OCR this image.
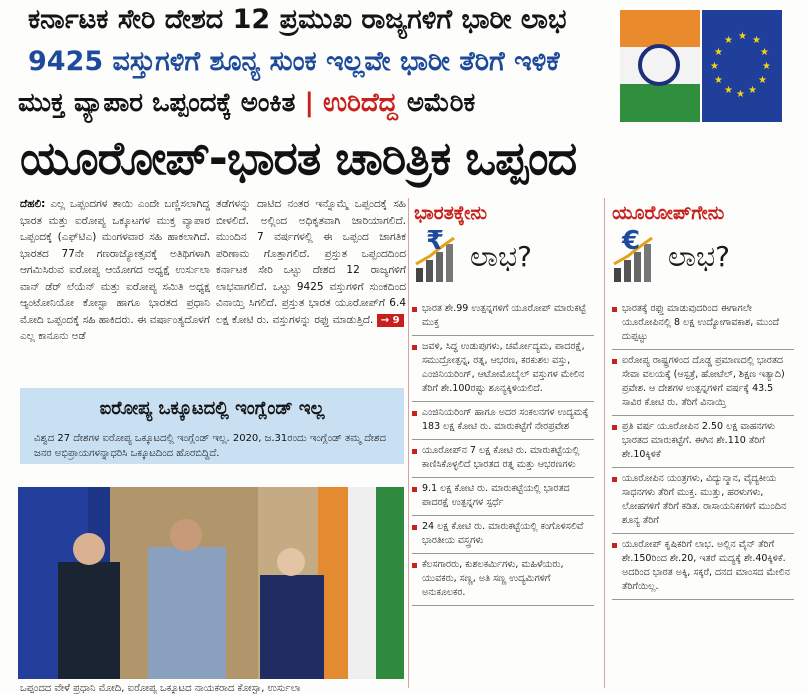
ಕರ್ನಾಟಕ ಸೇರಿ ದೇಶದ 12 ಪ್ರಮುಖ ರಾಜ್ಯಗಳಿಗೆ ಭಾರೀ ಲಾಭ
9425 ವಸ್ತುಗಳಿಗೆ ಶೂನ್ಯ ಸುಂಕ ಇಲ್ಲವೇ ಭಾರೀ ತೆರಿಗೆ ಇಳಿಕೆ
ಮುಕ್ತ ವ್ಯಾಪಾರ ಒಪ್ಪಂದಕ್ಕೆ ಅಂಕಿತ | ಉರಿದೆದ್ದ ಅಮೆರಿಕ
ಯೂರೋಪ್-ಭಾರತ ಚಾರಿತ್ರಿಕ ಒಪ್ಪಂದ
★ ★
★
★
★
★
★
★
★
★
★
★
ದೆಹಲಿ: ಎಲ್ಲ ಒಪ್ಪಂದಗಳ ತಾಯಿ ಎಂದೇ ಬಣ್ಣಿಸಲಾಗಿದ್ದ ಭಾರತ ಮತ್ತು ಐರೋಪ್ಯ ಒಕ್ಕೂಟಗಳ ಮುಕ್ತ ವ್ಯಾಪಾರ ಒಪ್ಪಂದಕ್ಕೆ (ಎಫ್‌ಟಿಎ) ಮಂಗಳವಾರ ಸಹಿ ಹಾಕಲಾಗಿದೆ. ಭಾರತದ 77ನೇ ಗಣರಾಜ್ಯೋತ್ಸವಕ್ಕೆ ಅತಿಥಿಗಳಾಗಿ ಆಗಮಿಸಿರುವ ಐರೋಪ್ಯ ಆಯೋಗದ ಅಧ್ಯಕ್ಷೆ ಉರ್ಸುಲಾ ವಾನ್ ಡೆರ್ ಲೆಯೆನ್ ಮತ್ತು ಐರೋಪ್ಯ ಸಮಿತಿ ಅಧ್ಯಕ್ಷ ಆ್ಯಂಟೋನಿಯೋ ಕೋಸ್ಟಾ ಹಾಗೂ ಭಾರತದ ಪ್ರಧಾನಿ ಮೋದಿ ಒಪ್ಪಂದಕ್ಕೆ ಸಹಿ ಹಾಕಿದರು. ಈ ವರ್ಷಾಂತ್ಯದೊಳಗೆ ಎಲ್ಲ ಕಾನೂನು ಅಡೆ
ತಡೆಗಳನ್ನು ದಾಟಿದ ನಂತರ ಇನ್ನೊಮ್ಮೆ ಒಪ್ಪಂದಕ್ಕೆ ಸಹಿ ಬೀಳಲಿದೆ. ಅಲ್ಲಿಂದ ಅಧಿಕೃತವಾಗಿ ಜಾರಿಯಾಗಲಿದೆ. ಮುಂದಿನ 7 ವರ್ಷಗಳಲ್ಲಿ ಈ ಒಪ್ಪಂದ ಜಾಗತಿಕ ಪರಿಣಾಮ ಗೊತ್ತಾಗಲಿದೆ. ಪ್ರಸ್ತುತ ಒಪ್ಪಂದದಿಂದ ಕರ್ನಾಟಕ ಸೇರಿ ಒಟ್ಟು ದೇಶದ 12 ರಾಜ್ಯಗಳಿಗೆ ಲಾಭವಾಗಲಿದೆ. ಒಟ್ಟು 9425 ವಸ್ತುಗಳಿಗೆ ಸುಂಕದಿಂದ ವಿನಾಯ್ತಿ ಸಿಗಲಿದೆ. ಪ್ರಸ್ತುತ ಭಾರತ ಯೂರೋಪ್‌ಗೆ 6.4 ಲಕ್ಷ ಕೋಟಿ ರು. ವಸ್ತುಗಳನ್ನು ರಫ್ತು ಮಾಡುತ್ತಿದೆ. → 9
ಐರೋಪ್ಯ ಒಕ್ಕೂಟದಲ್ಲಿ ಇಂಗ್ಲೆಂಡ್ ಇಲ್ಲ
ವಿಶ್ವದ 27 ದೇಶಗಳ ಐರೋಪ್ಯ ಒಕ್ಕೂಟದಲ್ಲಿ ಇಂಗ್ಲೆಂಡ್ ಇಲ್ಲ. 2020, ಜ.31ರಂದು ಇಂಗ್ಲೆಂಡ್ ತಮ್ಮ ದೇಶದ ಜನರ ಅಭಿಪ್ರಾಯಗಳನ್ನಾಧರಿಸಿ ಒಕ್ಕೂಟದಿಂದ ಹೊರಬಿದ್ದಿದೆ.
ಒಪ್ಪಂದದ ವೇಳೆ ಪ್ರಧಾನಿ ಮೋದಿ, ಐರೋಪ್ಯ ಒಕ್ಕೂಟದ ನಾಯಕರಾದ ಕೋಸ್ಟಾ, ಉರ್ಸುಲಾ
ಭಾರತಕ್ಕೇನು
₹ ಲಾಭ?
ಭಾರತ ಶೇ.99 ಉತ್ಪನ್ನಗಳಿಗೆ ಯೂರೋಪ್ ಮಾರುಕಟ್ಟೆ ಮುಕ್ತ
ಜವಳಿ, ಸಿದ್ಧ ಉಡುಪುಗಳು, ಚರ್ಮೋದ್ಯಮ, ಪಾದರಕ್ಷೆ, ಸಮುದ್ರೋತ್ಪನ್ನ, ರತ್ನ, ಆಭರಣ, ಕರಕುಶಲ ವಸ್ತು, ಎಂಜಿನಿಯರಿಂಗ್, ಆಟೋಮೊಬೈಲ್ ವಸ್ತುಗಳ ಮೇಲಿನ ತೆರಿಗೆ ಶೇ.100ರಷ್ಟು ಶೂನ್ಯಕ್ಕಿಳಿಯಲಿದೆ.
ಎಂಜಿನಿಯರಿಂಗ್ ಹಾಗೂ ಅದರ ಸಂಕಲನಗಳ ಉದ್ಯಮಕ್ಕೆ 183 ಲಕ್ಷ ಕೋಟಿ ರು. ಮಾರುಕಟ್ಟೆಗೆ ನೇರಪ್ರವೇಶ
ಯೂರೋಪ್‌ನ 7 ಲಕ್ಷ ಕೋಟಿ ರು. ಮಾರುಕಟ್ಟೆಯಲ್ಲಿ ಕಾಣಿಸಿಕೊಳ್ಳಲಿದೆ ಭಾರತದ ರತ್ನ ಮತ್ತು ಆಭರಣಗಳು
9.1 ಲಕ್ಷ ಕೋಟಿ ರು. ಮಾರುಕಟ್ಟೆಯಲ್ಲಿ ಭಾರತದ ಪಾದರಕ್ಷೆ ಉತ್ಪನ್ನಗಳ ಸ್ಪರ್ಧೆ
24 ಲಕ್ಷ ಕೋಟಿ ರು. ಮಾರುಕಟ್ಟೆಯಲ್ಲಿ ಕಂಗೊಳಿಸಲಿವೆ ಭಾರತೀಯ ವಸ್ತ್ರಗಳು
ಕೆಲಸಗಾರರು, ಕುಶಲಕರ್ಮಿಗಳು, ಮಹಿಳೆಯರು, ಯುವಕರು, ಸಣ್ಣ, ಅತಿ ಸಣ್ಣ ಉದ್ಯಮಿಗಳಿಗೆ ಅನುಕೂಲಕರ.
ಯೂರೋಪ್‌ಗೇನು
€ ಲಾಭ?
ಭಾರತಕ್ಕೆ ರಫ್ತು ಮಾಡುವುದರಿಂದ ಈಗಾಗಲೇ ಯೂರೋಪಿನಲ್ಲಿ 8 ಲಕ್ಷ ಉದ್ಯೋಗಾವಕಾಶ, ಮುಂದೆ ದುಪ್ಪಟ್ಟು
ಐರೋಪ್ಯ ರಾಷ್ಟ್ರಗಳಿಂದ ದೊಡ್ಡ ಪ್ರಮಾಣದಲ್ಲಿ ಭಾರತದ ಸೇವಾ ವಲಯಕ್ಕೆ (ಆಸ್ಪತ್ರೆ, ಹೋಟೆಲ್, ಶಿಕ್ಷಣ ಇತ್ಯಾದಿ) ಪ್ರವೇಶ. ಆ ದೇಶಗಳ ಉತ್ಪನ್ನಗಳಿಗೆ ವರ್ಷಕ್ಕೆ 43.5 ಸಾವಿರ ಕೋಟಿ ರು. ತೆರಿಗೆ ವಿನಾಯ್ತಿ
ಪ್ರತಿ ವರ್ಷ ಯೂರೋಪಿನ 2.50 ಲಕ್ಷ ವಾಹನಗಳು ಭಾರತದ ಮಾರುಕಟ್ಟೆಗೆ. ಈಗಿನ ಶೇ.110 ತೆರಿಗೆ ಶೇ.10ಕ್ಕಿಳಿಕೆ
ಯೂರೋಪಿನ ಯಂತ್ರಗಳು, ವಿದ್ಯುನ್ಮಾನ, ವೈದ್ಯಕೀಯ ಸಾಧನಗಳು ತೆರಿಗೆ ಮುಕ್ತ. ಮುತ್ತು, ಹರಳುಗಳು, ಲೋಹಗಳಿಗೆ ತೆರಿಗೆ ಕಡಿತ. ರಾಸಾಯನಿಕಗಳಿಗೆ ಮುಂದಿನ ಶೂನ್ಯ ತೆರಿಗೆ
ಯೂರೋಪ್ ಕೃಷಿಕರಿಗೆ ಲಾಭ. ಅಲ್ಲಿನ ವೈನ್ ತೆರಿಗೆ ಶೇ.150ರಿಂದ ಶೇ.20, ಇತರೆ ಮದ್ಯಕ್ಕೆ ಶೇ.40ಕ್ಕಿಳಿಕೆ. ಅದರಿಂದ ಭಾರತ ಅಕ್ಕಿ, ಸಕ್ಕರೆ, ದನದ ಮಾಂಸದ ಮೇಲಿನ ತೆರಿಗೆಯಿಲ್ಲ.
